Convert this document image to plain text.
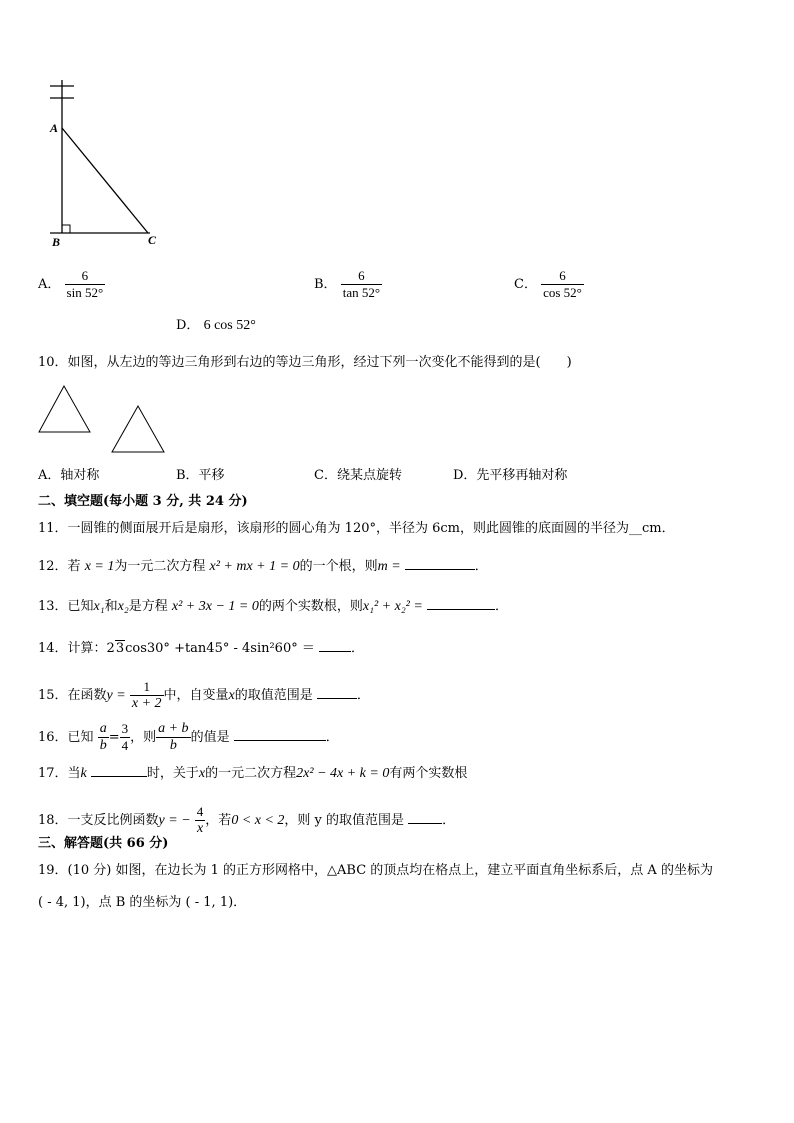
A
B	C
A． $\frac{6}{\sin 52^\circ}$	B． $\frac{6}{\tan 52^\circ}$	C． $\frac{6}{\cos 52^\circ}$
D． 6 cos 52°
10．如图，从左边的等边三角形到右边的等边三角形，经过下列一次变化不能得到的是(　　)
A．轴对称	B．平移	C．绕某点旋转	D．先平移再轴对称
二、填空题(每小题 3 分, 共 24 分)
11．一圆锥的侧面展开后是扇形，该扇形的圆心角为 120°，半径为 6cm，则此圆锥的底面圆的半径为__cm．
12．若 x = 1为一元二次方程 x² + mx + 1 = 0的一个根，则m =	．
13．已知x₁和x₂是方程 x² + 3x − 1 = 0的两个实数根，则x₁² + x₂² =	．
14．计算：23cos30° +tan45° - 4sin²60° ＝	．
15．在函数$y = \frac{1}{x + 2}$ 中，自变量x的取值范围是	．
16．已知 $\frac{a}{b} = \frac{3}{4}$ ，则 $\frac{a + b}{b}$ 的值是	．
17．当k	时，关于x的一元二次方程2x² − 4x + k = 0有两个实数根
18．一支反比例函数y = − $\frac{4}{x}$ ，若0 < x < 2，则 y 的取值范围是	．
三、解答题(共 66 分)
19．(10 分) 如图，在边长为 1 的正方形网格中，△ABC 的顶点均在格点上，建立平面直角坐标系后，点 A 的坐标为
( - 4, 1)，点 B 的坐标为 ( - 1, 1)．
